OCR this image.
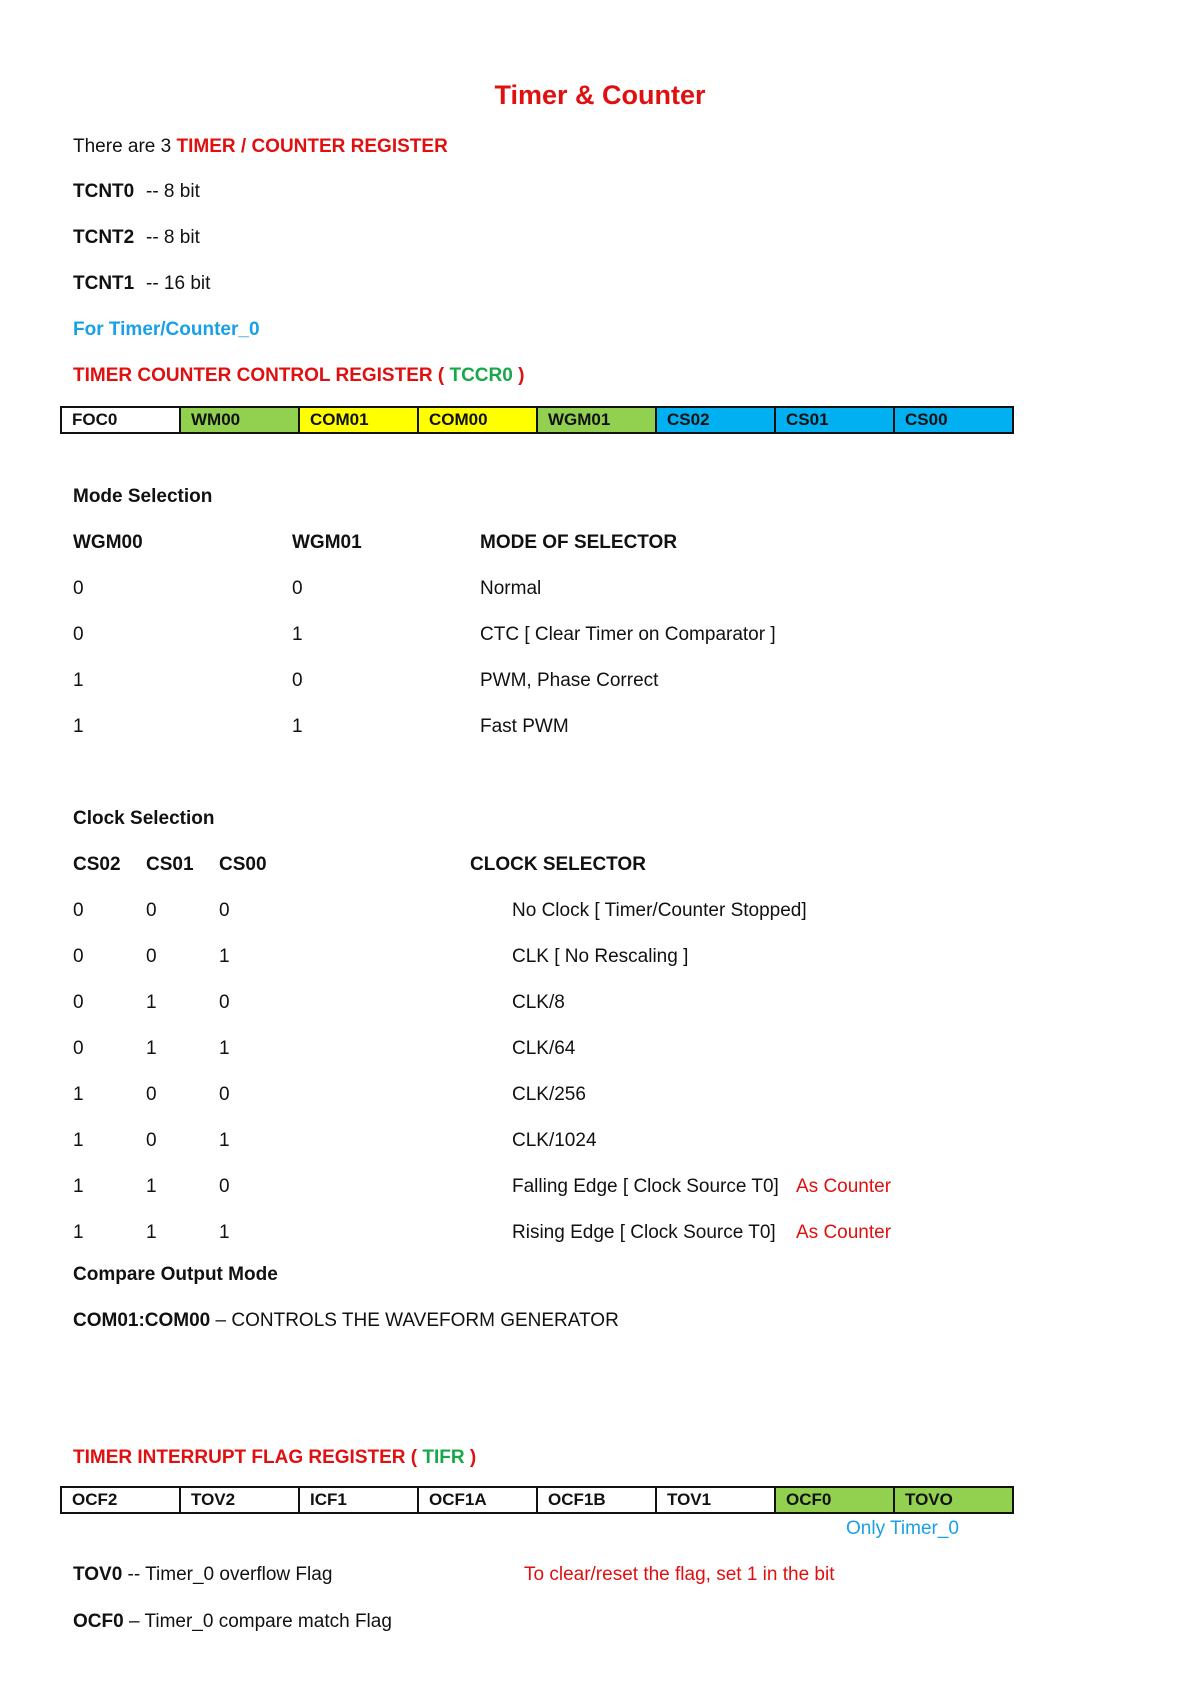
Timer & Counter
There are 3 TIMER / COUNTER REGISTER
TCNT0 -- 8 bit
TCNT2 -- 8 bit
TCNT1 -- 16 bit
For Timer/Counter_0
TIMER COUNTER CONTROL REGISTER ( TCCR0 )
FOC0	WM00	COM01	COM00	WGM01	CS02	CS01	CS00
Mode Selection
WGM00	WGM01	MODE OF SELECTOR
0	0	Normal
0	1	CTC [ Clear Timer on Comparator ]
1	0	PWM, Phase Correct
1	1	Fast PWM
Clock Selection
CS02 CS01 CS00	CLOCK SELECTOR
0	0	0	No Clock [ Timer/Counter Stopped]
0	0	1	CLK [ No Rescaling ]
0	1	0	CLK/8
0	1	1	CLK/64
1	0	0	CLK/256
1	0	1	CLK/1024
1	1	0	Falling Edge [ Clock Source T0] As Counter
1	1	1	Rising Edge [ Clock Source T0] As Counter
Compare Output Mode
COM01:COM00 – CONTROLS THE WAVEFORM GENERATOR
TIMER INTERRUPT FLAG REGISTER ( TIFR )
OCF2	TOV2	ICF1	OCF1A	OCF1B	TOV1	OCF0	TOVO
Only Timer_0
TOV0 -- Timer_0 overflow Flag	To clear/reset the flag, set 1 in the bit
OCF0 – Timer_0 compare match Flag
